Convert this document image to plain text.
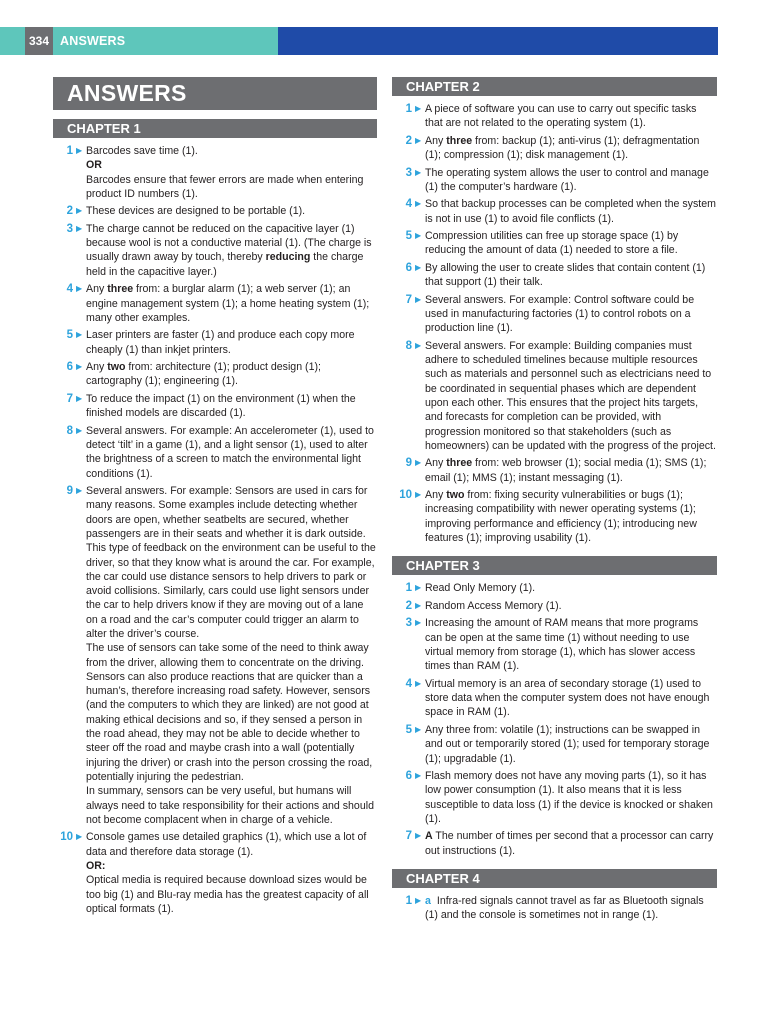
334 ANSWERS
ANSWERS
CHAPTER 1
1 ▶ Barcodes save time (1).
OR
Barcodes ensure that fewer errors are made when entering product ID numbers (1).
2 ▶ These devices are designed to be portable (1).
3 ▶ The charge cannot be reduced on the capacitive layer (1) because wool is not a conductive material (1). (The charge is usually drawn away by touch, thereby reducing the charge held in the capacitive layer.)
4 ▶ Any three from: a burglar alarm (1); a web server (1); an engine management system (1); a home heating system (1); many other examples.
5 ▶ Laser printers are faster (1) and produce each copy more cheaply (1) than inkjet printers.
6 ▶ Any two from: architecture (1); product design (1); cartography (1); engineering (1).
7 ▶ To reduce the impact (1) on the environment (1) when the finished models are discarded (1).
8 ▶ Several answers. For example: An accelerometer (1), used to detect ‘tilt’ in a game (1), and a light sensor (1), used to alter the brightness of a screen to match the environmental light conditions (1).
9 ▶ Several answers. For example: Sensors are used in cars for many reasons. Some examples include detecting whether doors are open, whether seatbelts are secured, whether passengers are in their seats and whether it is dark outside. This type of feedback on the environment can be useful to the driver, so that they know what is around the car. For example, the car could use distance sensors to help drivers to park or avoid collisions. Similarly, cars could use light sensors under the car to help drivers know if they are moving out of a lane on a road and the car’s computer could trigger an alarm to alter the driver’s course.
The use of sensors can take some of the need to think away from the driver, allowing them to concentrate on the driving. Sensors can also produce reactions that are quicker than a human’s, therefore increasing road safety. However, sensors (and the computers to which they are linked) are not good at making ethical decisions and so, if they sensed a person in the road ahead, they may not be able to decide whether to steer off the road and maybe crash into a wall (potentially injuring the driver) or crash into the person crossing the road, potentially injuring the pedestrian.
In summary, sensors can be very useful, but humans will always need to take responsibility for their actions and should not become complacent when in charge of a vehicle.
10 ▶ Console games use detailed graphics (1), which use a lot of data and therefore data storage (1).
OR:
Optical media is required because download sizes would be too big (1) and Blu-ray media has the greatest capacity of all optical formats (1).
CHAPTER 2
1 ▶ A piece of software you can use to carry out specific tasks that are not related to the operating system (1).
2 ▶ Any three from: backup (1); anti-virus (1); defragmentation (1); compression (1); disk management (1).
3 ▶ The operating system allows the user to control and manage (1) the computer’s hardware (1).
4 ▶ So that backup processes can be completed when the system is not in use (1) to avoid file conflicts (1).
5 ▶ Compression utilities can free up storage space (1) by reducing the amount of data (1) needed to store a file.
6 ▶ By allowing the user to create slides that contain content (1) that support (1) their talk.
7 ▶ Several answers. For example: Control software could be used in manufacturing factories (1) to control robots on a production line (1).
8 ▶ Several answers. For example: Building companies must adhere to scheduled timelines because multiple resources such as materials and personnel such as electricians need to be coordinated in sequential phases which are dependent upon each other. This ensures that the project hits targets, and forecasts for completion can be provided, with progression monitored so that stakeholders (such as homeowners) can be updated with the progress of the project.
9 ▶ Any three from: web browser (1); social media (1); SMS (1); email (1); MMS (1); instant messaging (1).
10 ▶ Any two from: fixing security vulnerabilities or bugs (1); increasing compatibility with newer operating systems (1); improving performance and efficiency (1); introducing new features (1); improving usability (1).
CHAPTER 3
1 ▶ Read Only Memory (1).
2 ▶ Random Access Memory (1).
3 ▶ Increasing the amount of RAM means that more programs can be open at the same time (1) without needing to use virtual memory from storage (1), which has slower access times than RAM (1).
4 ▶ Virtual memory is an area of secondary storage (1) used to store data when the computer system does not have enough space in RAM (1).
5 ▶ Any three from: volatile (1); instructions can be swapped in and out or temporarily stored (1); used for temporary storage (1); upgradable (1).
6 ▶ Flash memory does not have any moving parts (1), so it has low power consumption (1). It also means that it is less susceptible to data loss (1) if the device is knocked or shaken (1).
7 ▶ A The number of times per second that a processor can carry out instructions (1).
CHAPTER 4
1 ▶ a Infra-red signals cannot travel as far as Bluetooth signals (1) and the console is sometimes not in range (1).
